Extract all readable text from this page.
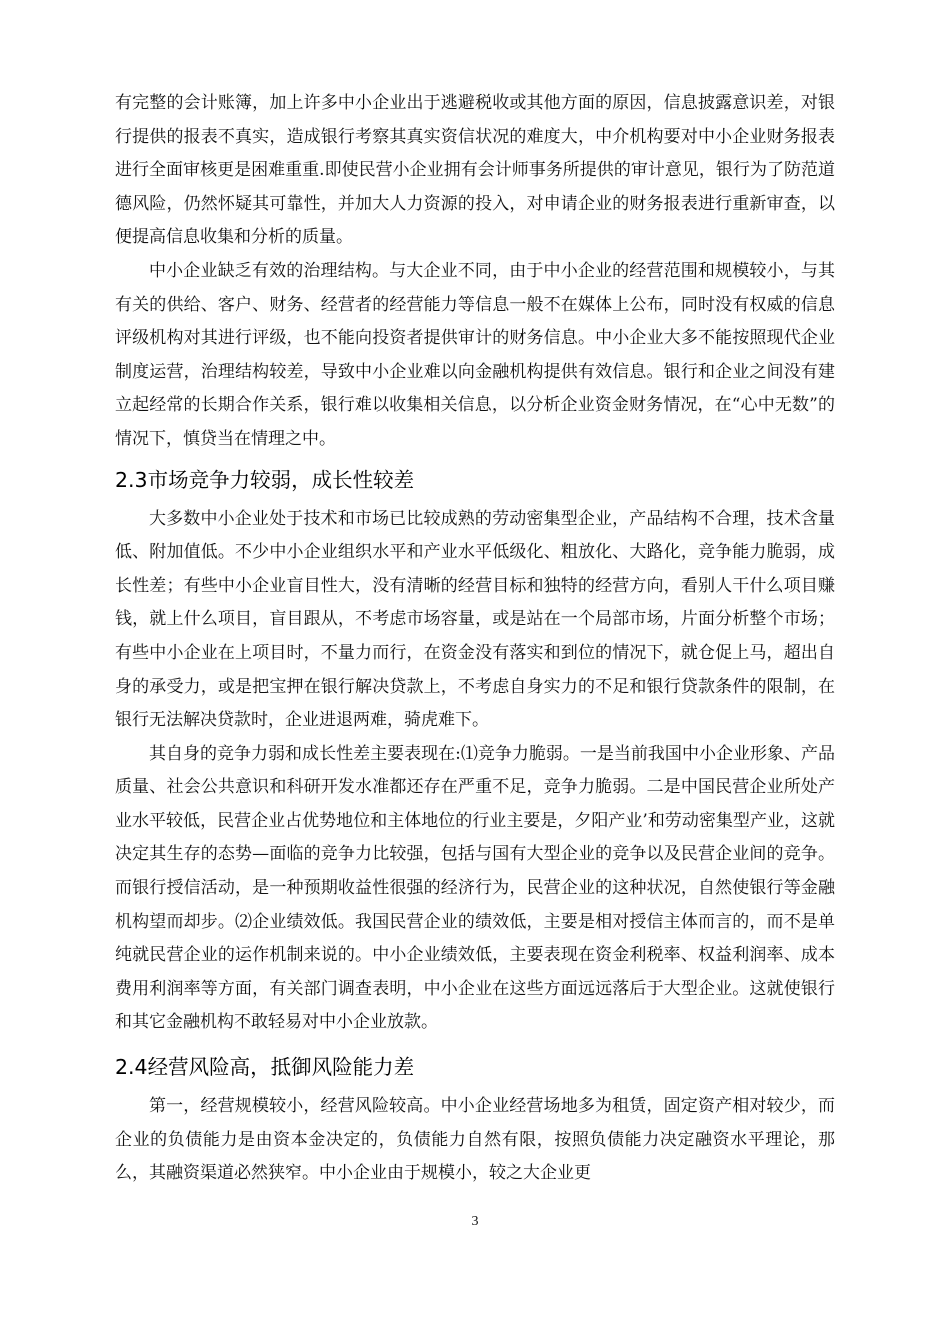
有完整的会计账簿，加上许多中小企业出于逃避税收或其他方面的原因，信息披露意识差，对银行提供的报表不真实，造成银行考察其真实资信状况的难度大，中介机构要对中小企业财务报表进行全面审核更是困难重重.即使民营小企业拥有会计师事务所提供的审计意见，银行为了防范道德风险，仍然怀疑其可靠性，并加大人力资源的投入，对申请企业的财务报表进行重新审查，以便提高信息收集和分析的质量。

中小企业缺乏有效的治理结构。与大企业不同，由于中小企业的经营范围和规模较小，与其有关的供给、客户、财务、经营者的经营能力等信息一般不在媒体上公布，同时没有权威的信息评级机构对其进行评级，也不能向投资者提供审计的财务信息。中小企业大多不能按照现代企业制度运营，治理结构较差，导致中小企业难以向金融机构提供有效信息。银行和企业之间没有建立起经常的长期合作关系，银行难以收集相关信息，以分析企业资金财务情况，在“心中无数”的情况下，慎贷当在情理之中。

2.3市场竞争力较弱，成长性较差

大多数中小企业处于技术和市场已比较成熟的劳动密集型企业，产品结构不合理，技术含量低、附加值低。不少中小企业组织水平和产业水平低级化、粗放化、大路化，竞争能力脆弱，成长性差；有些中小企业盲目性大，没有清晰的经营目标和独特的经营方向，看别人干什么项目赚钱，就上什么项目，盲目跟从，不考虑市场容量，或是站在一个局部市场，片面分析整个市场；有些中小企业在上项目时，不量力而行，在资金没有落实和到位的情况下，就仓促上马，超出自身的承受力，或是把宝押在银行解决贷款上，不考虑自身实力的不足和银行贷款条件的限制，在银行无法解决贷款时，企业进退两难，骑虎难下。

其自身的竞争力弱和成长性差主要表现在:⑴竞争力脆弱。一是当前我国中小企业形象、产品质量、社会公共意识和科研开发水准都还存在严重不足，竞争力脆弱。二是中国民营企业所处产业水平较低，民营企业占优势地位和主体地位的行业主要是，夕阳产业’和劳动密集型产业，这就决定其生存的态势—面临的竞争力比较强，包括与国有大型企业的竞争以及民营企业间的竞争。而银行授信活动，是一种预期收益性很强的经济行为，民营企业的这种状况，自然使银行等金融机构望而却步。⑵企业绩效低。我国民营企业的绩效低，主要是相对授信主体而言的，而不是单纯就民营企业的运作机制来说的。中小企业绩效低，主要表现在资金利税率、权益利润率、成本费用利润率等方面，有关部门调查表明，中小企业在这些方面远远落后于大型企业。这就使银行和其它金融机构不敢轻易对中小企业放款。

2.4经营风险高，抵御风险能力差

第一，经营规模较小，经营风险较高。中小企业经营场地多为租赁，固定资产相对较少，而企业的负债能力是由资本金决定的，负债能力自然有限，按照负债能力决定融资水平理论，那么，其融资渠道必然狭窄。中小企业由于规模小，较之大企业更

3
